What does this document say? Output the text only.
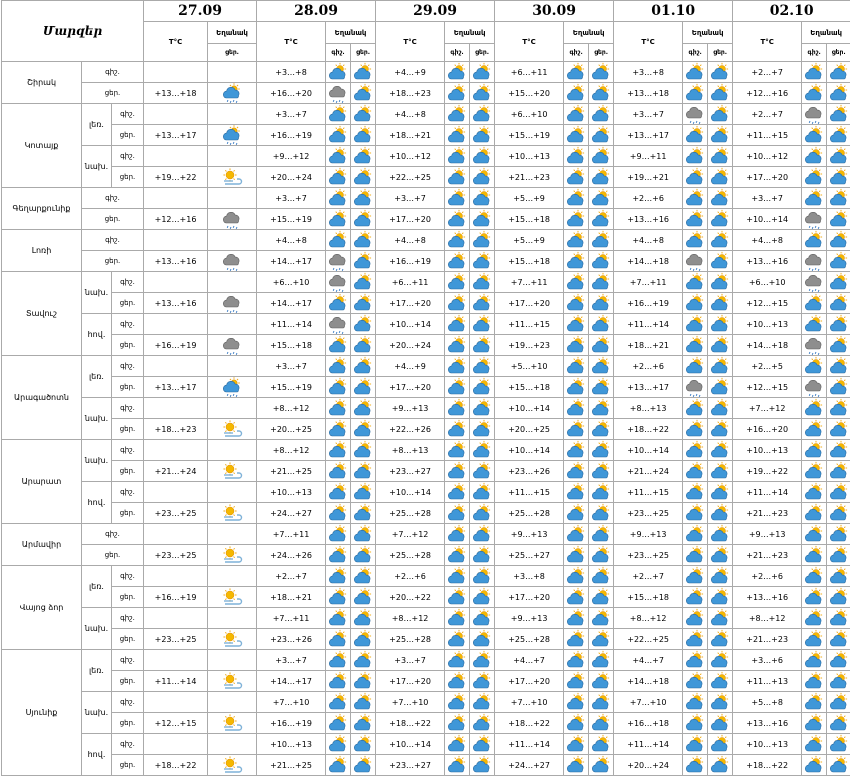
Մարզեր			27.09		28.09			29.09			30.09			01.10			02.10		
			T°C	Եղանակ	T°C	Եղանակ		T°C	Եղանակ		T°C	Եղանակ		T°C	Եղանակ		T°C	Եղանակ	
				ցեր.		գիշ.	ցեր.		գիշ.	ցեր.		գիշ.	ցեր.		գիշ.	ցեր.		գիշ.	ցեր.
Շիրակ	գիշ.				+3…+8			+4…+9			+6…+11			+3…+8			+2…+7	

	ցեր.		+13…+18		+16…+20			+18…+23			+15…+20			+13…+18			+12…+16	

Կոտայք	լեռ.	գիշ.			+3…+7			+4…+8			+6…+10			+3…+7			+2…+7	

		ցեր.	+13…+17		+16…+19			+18…+21			+15…+19			+13…+17			+11…+15	

	նախ.	գիշ.			+9…+12			+10…+12			+10…+13			+9…+11			+10…+12	

		ցեր.	+19…+22		+20…+24			+22…+25			+21…+23			+19…+21			+17…+20	

Գեղարքունիք	գիշ.				+3…+7			+3…+7			+5…+9			+2…+6			+3…+7	

	ցեր.		+12…+16		+15…+19			+17…+20			+15…+18			+13…+16			+10…+14	

Լոռի	գիշ.				+4…+8			+4…+8			+5…+9			+4…+8			+4…+8	

	ցեր.		+13…+16		+14…+17			+16…+19			+15…+18			+14…+18			+13…+16	

Տավուշ	նախ.	գիշ.			+6…+10			+6…+11			+7…+11			+7…+11			+6…+10	

		ցեր.	+13…+16		+14…+17			+17…+20			+17…+20			+16…+19			+12…+15	

	հով.	գիշ.			+11…+14			+10…+14			+11…+15			+11…+14			+10…+13	

		ցեր.	+16…+19		+15…+18			+20…+24			+19…+23			+18…+21			+14…+18	

Արագածոտն	լեռ.	գիշ.			+3…+7			+4…+9			+5…+10			+2…+6			+2…+5	

		ցեր.	+13…+17		+15…+19			+17…+20			+15…+18			+13…+17			+12…+15	

	նախ.	գիշ.			+8…+12			+9…+13			+10…+14			+8…+13			+7…+12	

		ցեր.	+18…+23		+20…+25			+22…+26			+20…+25			+18…+22			+16…+20	

Արարատ	նախ.	գիշ.			+8…+12			+8…+13			+10…+14			+10…+14			+10…+13	

		ցեր.	+21…+24		+21…+25			+23…+27			+23…+26			+21…+24			+19…+22	

	հով.	գիշ.			+10…+13			+10…+14			+11…+15			+11…+15			+11…+14	

		ցեր.	+23…+25		+24…+27			+25…+28			+25…+28			+23…+25			+21…+23	

Արմավիր	գիշ.				+7…+11			+7…+12			+9…+13			+9…+13			+9…+13	

	ցեր.		+23…+25		+24…+26			+25…+28			+25…+27			+23…+25			+21…+23	

Վայոց ձոր	լեռ.	գիշ.			+2…+7			+2…+6			+3…+8			+2…+7			+2…+6	

		ցեր.	+16…+19		+18…+21			+20…+22			+17…+20			+15…+18			+13…+16	

	նախ.	գիշ.			+7…+11			+8…+12			+9…+13			+8…+12			+8…+12	

		ցեր.	+23…+25		+23…+26			+25…+28			+25…+28			+22…+25			+21…+23	

Սյունիք	լեռ.	գիշ.			+3…+7			+3…+7			+4…+7			+4…+7			+3…+6	

		ցեր.	+11…+14		+14…+17			+17…+20			+17…+20			+14…+18			+11…+13	

	նախ.	գիշ.			+7…+10			+7…+10			+7…+10			+7…+10			+5…+8	

		ցեր.	+12…+15		+16…+19			+18…+22			+18…+22			+16…+18			+13…+16	

	հով.	գիշ.			+10…+13			+10…+14			+11…+14			+11…+14			+10…+13	

		ցեր.	+18…+22		+21…+25			+23…+27			+24…+27			+20…+24			+18…+22	
